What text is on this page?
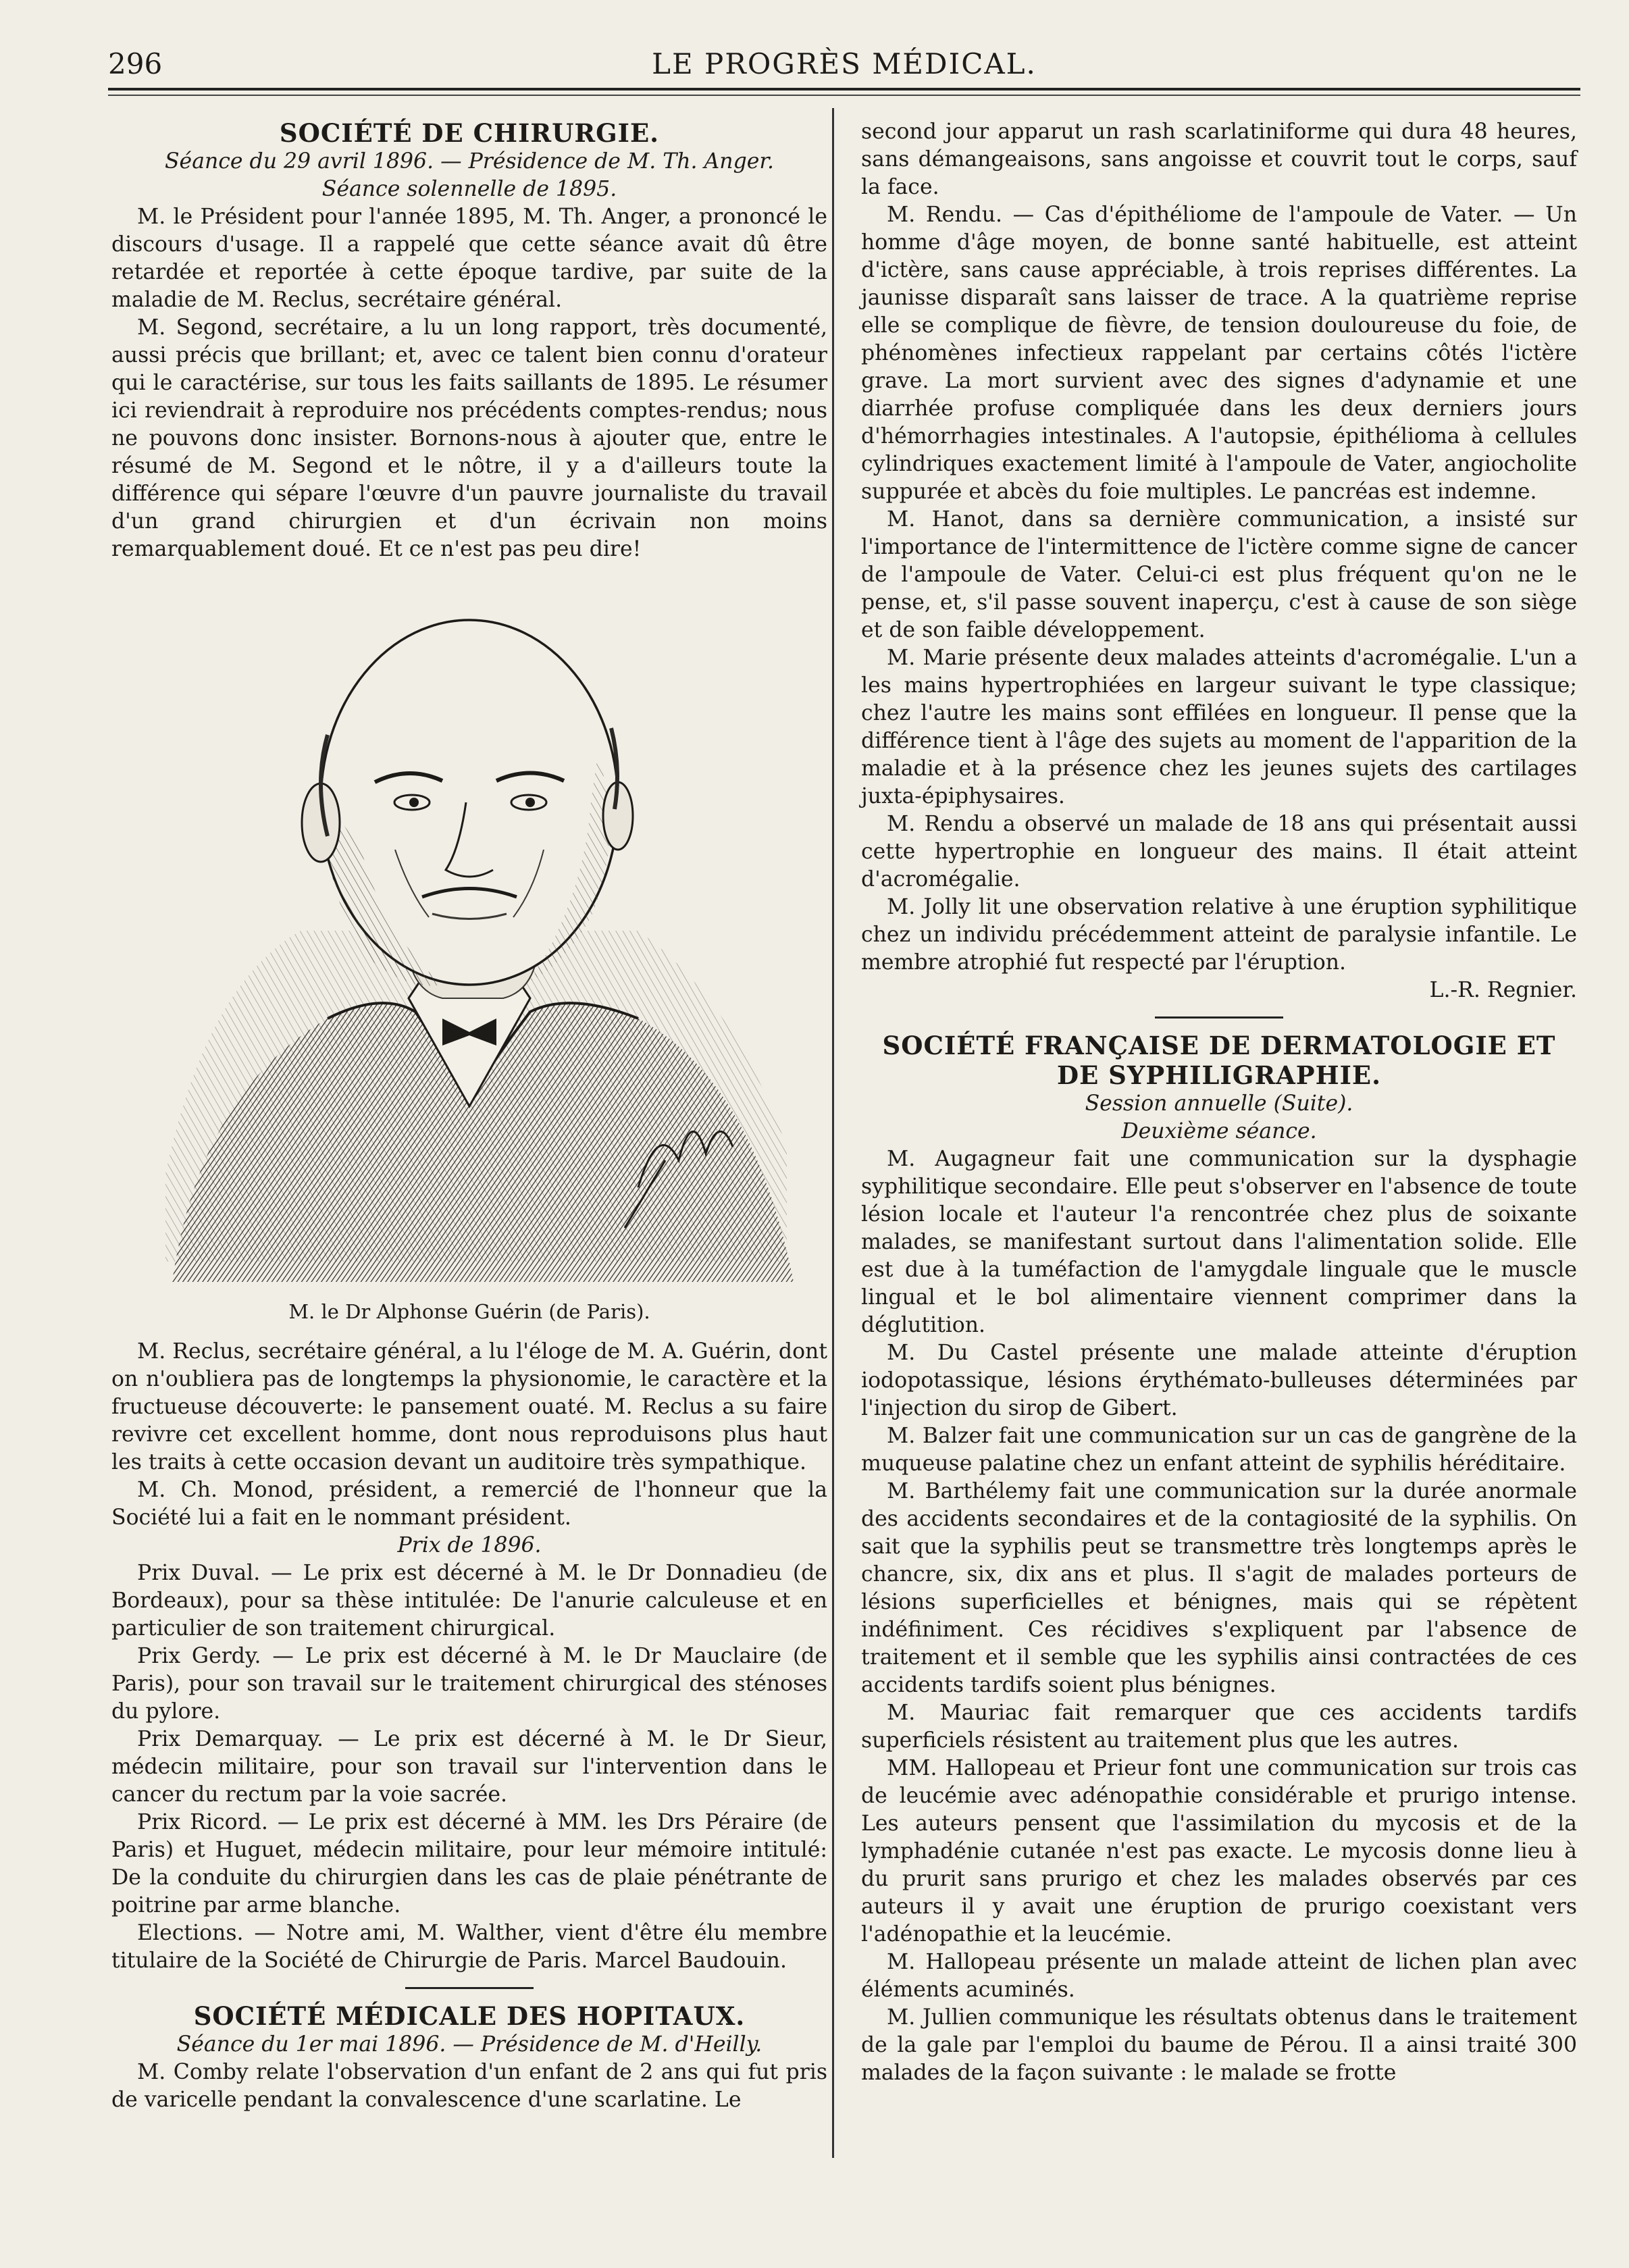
296	LE PROGRÈS MÉDICAL.
SOCIÉTÉ DE CHIRURGIE.
Séance du 29 avril 1896. — Présidence de M. Th. Anger.
Séance solennelle de 1895.

M. le Président pour l'année 1895, M. Th. Anger, a prononcé le discours d'usage. Il a rappelé que cette séance avait dû être retardée et reportée à cette époque tardive, par suite de la maladie de M. Reclus, secrétaire général.

M. Segond, secrétaire, a lu un long rapport, très documenté, aussi précis que brillant; et, avec ce talent bien connu d'orateur qui le caractérise, sur tous les faits saillants de 1895. Le résumer ici reviendrait à reproduire nos précédents comptes-rendus; nous ne pouvons donc insister. Bornons-nous à ajouter que, entre le résumé de M. Segond et le nôtre, il y a d'ailleurs toute la différence qui sépare l'œuvre d'un pauvre journaliste du travail d'un grand chirurgien et d'un écrivain non moins remarquablement doué. Et ce n'est pas peu dire!

M. le Dr Alphonse Guérin (de Paris).

M. Reclus, secrétaire général, a lu l'éloge de M. A. Guérin, dont on n'oubliera pas de longtemps la physionomie, le caractère et la fructueuse découverte: le pansement ouaté. M. Reclus a su faire revivre cet excellent homme, dont nous reproduisons plus haut les traits à cette occasion devant un auditoire très sympathique.

M. Ch. Monod, président, a remercié de l'honneur que la Société lui a fait en le nommant président.

Prix de 1896.

Prix Duval. — Le prix est décerné à M. le Dr Donnadieu (de Bordeaux), pour sa thèse intitulée: De l'anurie calculeuse et en particulier de son traitement chirurgical.

Prix Gerdy. — Le prix est décerné à M. le Dr Mauclaire (de Paris), pour son travail sur le traitement chirurgical des sténoses du pylore.

Prix Demarquay. — Le prix est décerné à M. le Dr Sieur, médecin militaire, pour son travail sur l'intervention dans le cancer du rectum par la voie sacrée.

Prix Ricord. — Le prix est décerné à MM. les Drs Péraire (de Paris) et Huguet, médecin militaire, pour leur mémoire intitulé: De la conduite du chirurgien dans les cas de plaie pénétrante de poitrine par arme blanche.

Elections. — Notre ami, M. Walther, vient d'être élu membre titulaire de la Société de Chirurgie de Paris. Marcel Baudouin.

SOCIÉTÉ MÉDICALE DES HOPITAUX.
Séance du 1er mai 1896. — Présidence de M. d'Heilly.

M. Comby relate l'observation d'un enfant de 2 ans qui fut pris de varicelle pendant la convalescence d'une scarlatine. Le

second jour apparut un rash scarlatiniforme qui dura 48 heures, sans démangeaisons, sans angoisse et couvrit tout le corps, sauf la face.

M. Rendu. — Cas d'épithéliome de l'ampoule de Vater. — Un homme d'âge moyen, de bonne santé habituelle, est atteint d'ictère, sans cause appréciable, à trois reprises différentes. La jaunisse disparaît sans laisser de trace. A la quatrième reprise elle se complique de fièvre, de tension douloureuse du foie, de phénomènes infectieux rappelant par certains côtés l'ictère grave. La mort survient avec des signes d'adynamie et une diarrhée profuse compliquée dans les deux derniers jours d'hémorrhagies intestinales. A l'autopsie, épithélioma à cellules cylindriques exactement limité à l'ampoule de Vater, angiocholite suppurée et abcès du foie multiples. Le pancréas est indemne.

M. Hanot, dans sa dernière communication, a insisté sur l'importance de l'intermittence de l'ictère comme signe de cancer de l'ampoule de Vater. Celui-ci est plus fréquent qu'on ne le pense, et, s'il passe souvent inaperçu, c'est à cause de son siège et de son faible développement.

M. Marie présente deux malades atteints d'acromégalie. L'un a les mains hypertrophiées en largeur suivant le type classique; chez l'autre les mains sont effilées en longueur. Il pense que la différence tient à l'âge des sujets au moment de l'apparition de la maladie et à la présence chez les jeunes sujets des cartilages juxta-épiphysaires.

M. Rendu a observé un malade de 18 ans qui présentait aussi cette hypertrophie en longueur des mains. Il était atteint d'acromégalie.

M. Jolly lit une observation relative à une éruption syphilitique chez un individu précédemment atteint de paralysie infantile. Le membre atrophié fut respecté par l'éruption.

L.-R. Regnier.
SOCIÉTÉ FRANÇAISE DE DERMATOLOGIE ET DE SYPHILIGRAPHIE.
Session annuelle (Suite).
Deuxième séance.

M. Augagneur fait une communication sur la dysphagie syphilitique secondaire. Elle peut s'observer en l'absence de toute lésion locale et l'auteur l'a rencontrée chez plus de soixante malades, se manifestant surtout dans l'alimentation solide. Elle est due à la tuméfaction de l'amygdale linguale que le muscle lingual et le bol alimentaire viennent comprimer dans la déglutition.

M. Du Castel présente une malade atteinte d'éruption iodopotassique, lésions érythémato-bulleuses déterminées par l'injection du sirop de Gibert.

M. Balzer fait une communication sur un cas de gangrène de la muqueuse palatine chez un enfant atteint de syphilis héréditaire.

M. Barthélemy fait une communication sur la durée anormale des accidents secondaires et de la contagiosité de la syphilis. On sait que la syphilis peut se transmettre très longtemps après le chancre, six, dix ans et plus. Il s'agit de malades porteurs de lésions superficielles et bénignes, mais qui se répètent indéfiniment. Ces récidives s'expliquent par l'absence de traitement et il semble que les syphilis ainsi contractées de ces accidents tardifs soient plus bénignes.

M. Mauriac fait remarquer que ces accidents tardifs superficiels résistent au traitement plus que les autres.

MM. Hallopeau et Prieur font une communication sur trois cas de leucémie avec adénopathie considérable et prurigo intense. Les auteurs pensent que l'assimilation du mycosis et de la lymphadénie cutanée n'est pas exacte. Le mycosis donne lieu à du prurit sans prurigo et chez les malades observés par ces auteurs il y avait une éruption de prurigo coexistant vers l'adénopathie et la leucémie.

M. Hallopeau présente un malade atteint de lichen plan avec éléments acuminés.

M. Jullien communique les résultats obtenus dans le traitement de la gale par l'emploi du baume de Pérou. Il a ainsi traité 300 malades de la façon suivante : le malade se frotte
